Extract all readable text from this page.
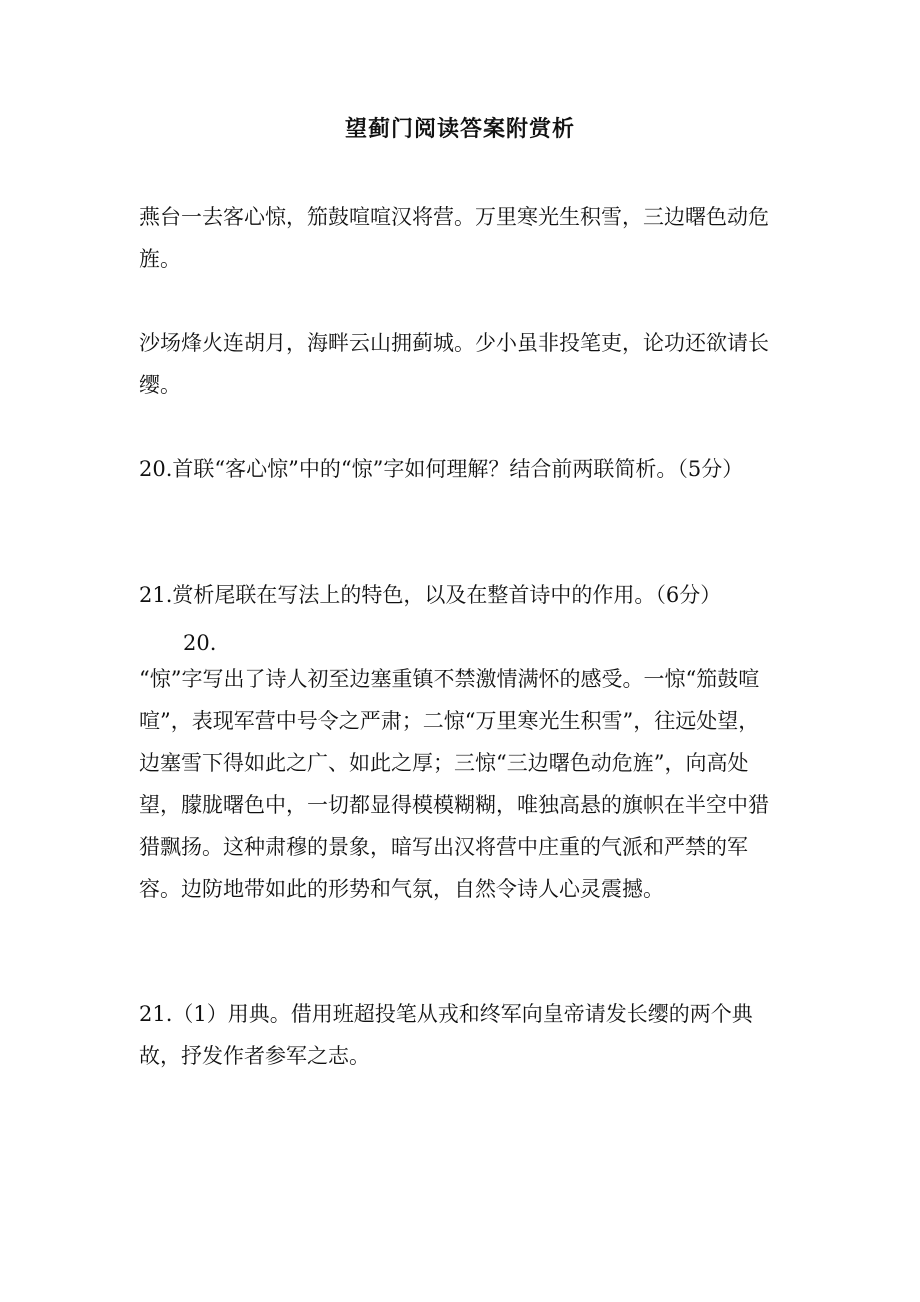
望蓟门阅读答案附赏析

燕台一去客心惊，笳鼓喧喧汉将营。万里寒光生积雪，三边曙色动危旌。

沙场烽火连胡月，海畔云山拥蓟城。少小虽非投笔吏，论功还欲请长缨。

20.首联“客心惊”中的“惊”字如何理解？结合前两联简析。（5分）

21.赏析尾联在写法上的特色，以及在整首诗中的作用。（6分）

20.

“惊”字写出了诗人初至边塞重镇不禁激情满怀的感受。一惊“笳鼓喧喧”，表现军营中号令之严肃；二惊“万里寒光生积雪”，往远处望，边塞雪下得如此之广、如此之厚；三惊“三边曙色动危旌”，向高处望，朦胧曙色中，一切都显得模模糊糊，唯独高悬的旗帜在半空中猎猎飘扬。这种肃穆的景象，暗写出汉将营中庄重的气派和严禁的军容。边防地带如此的形势和气氛，自然令诗人心灵震撼。

21.（1）用典。借用班超投笔从戎和终军向皇帝请发长缨的两个典故，抒发作者参军之志。
